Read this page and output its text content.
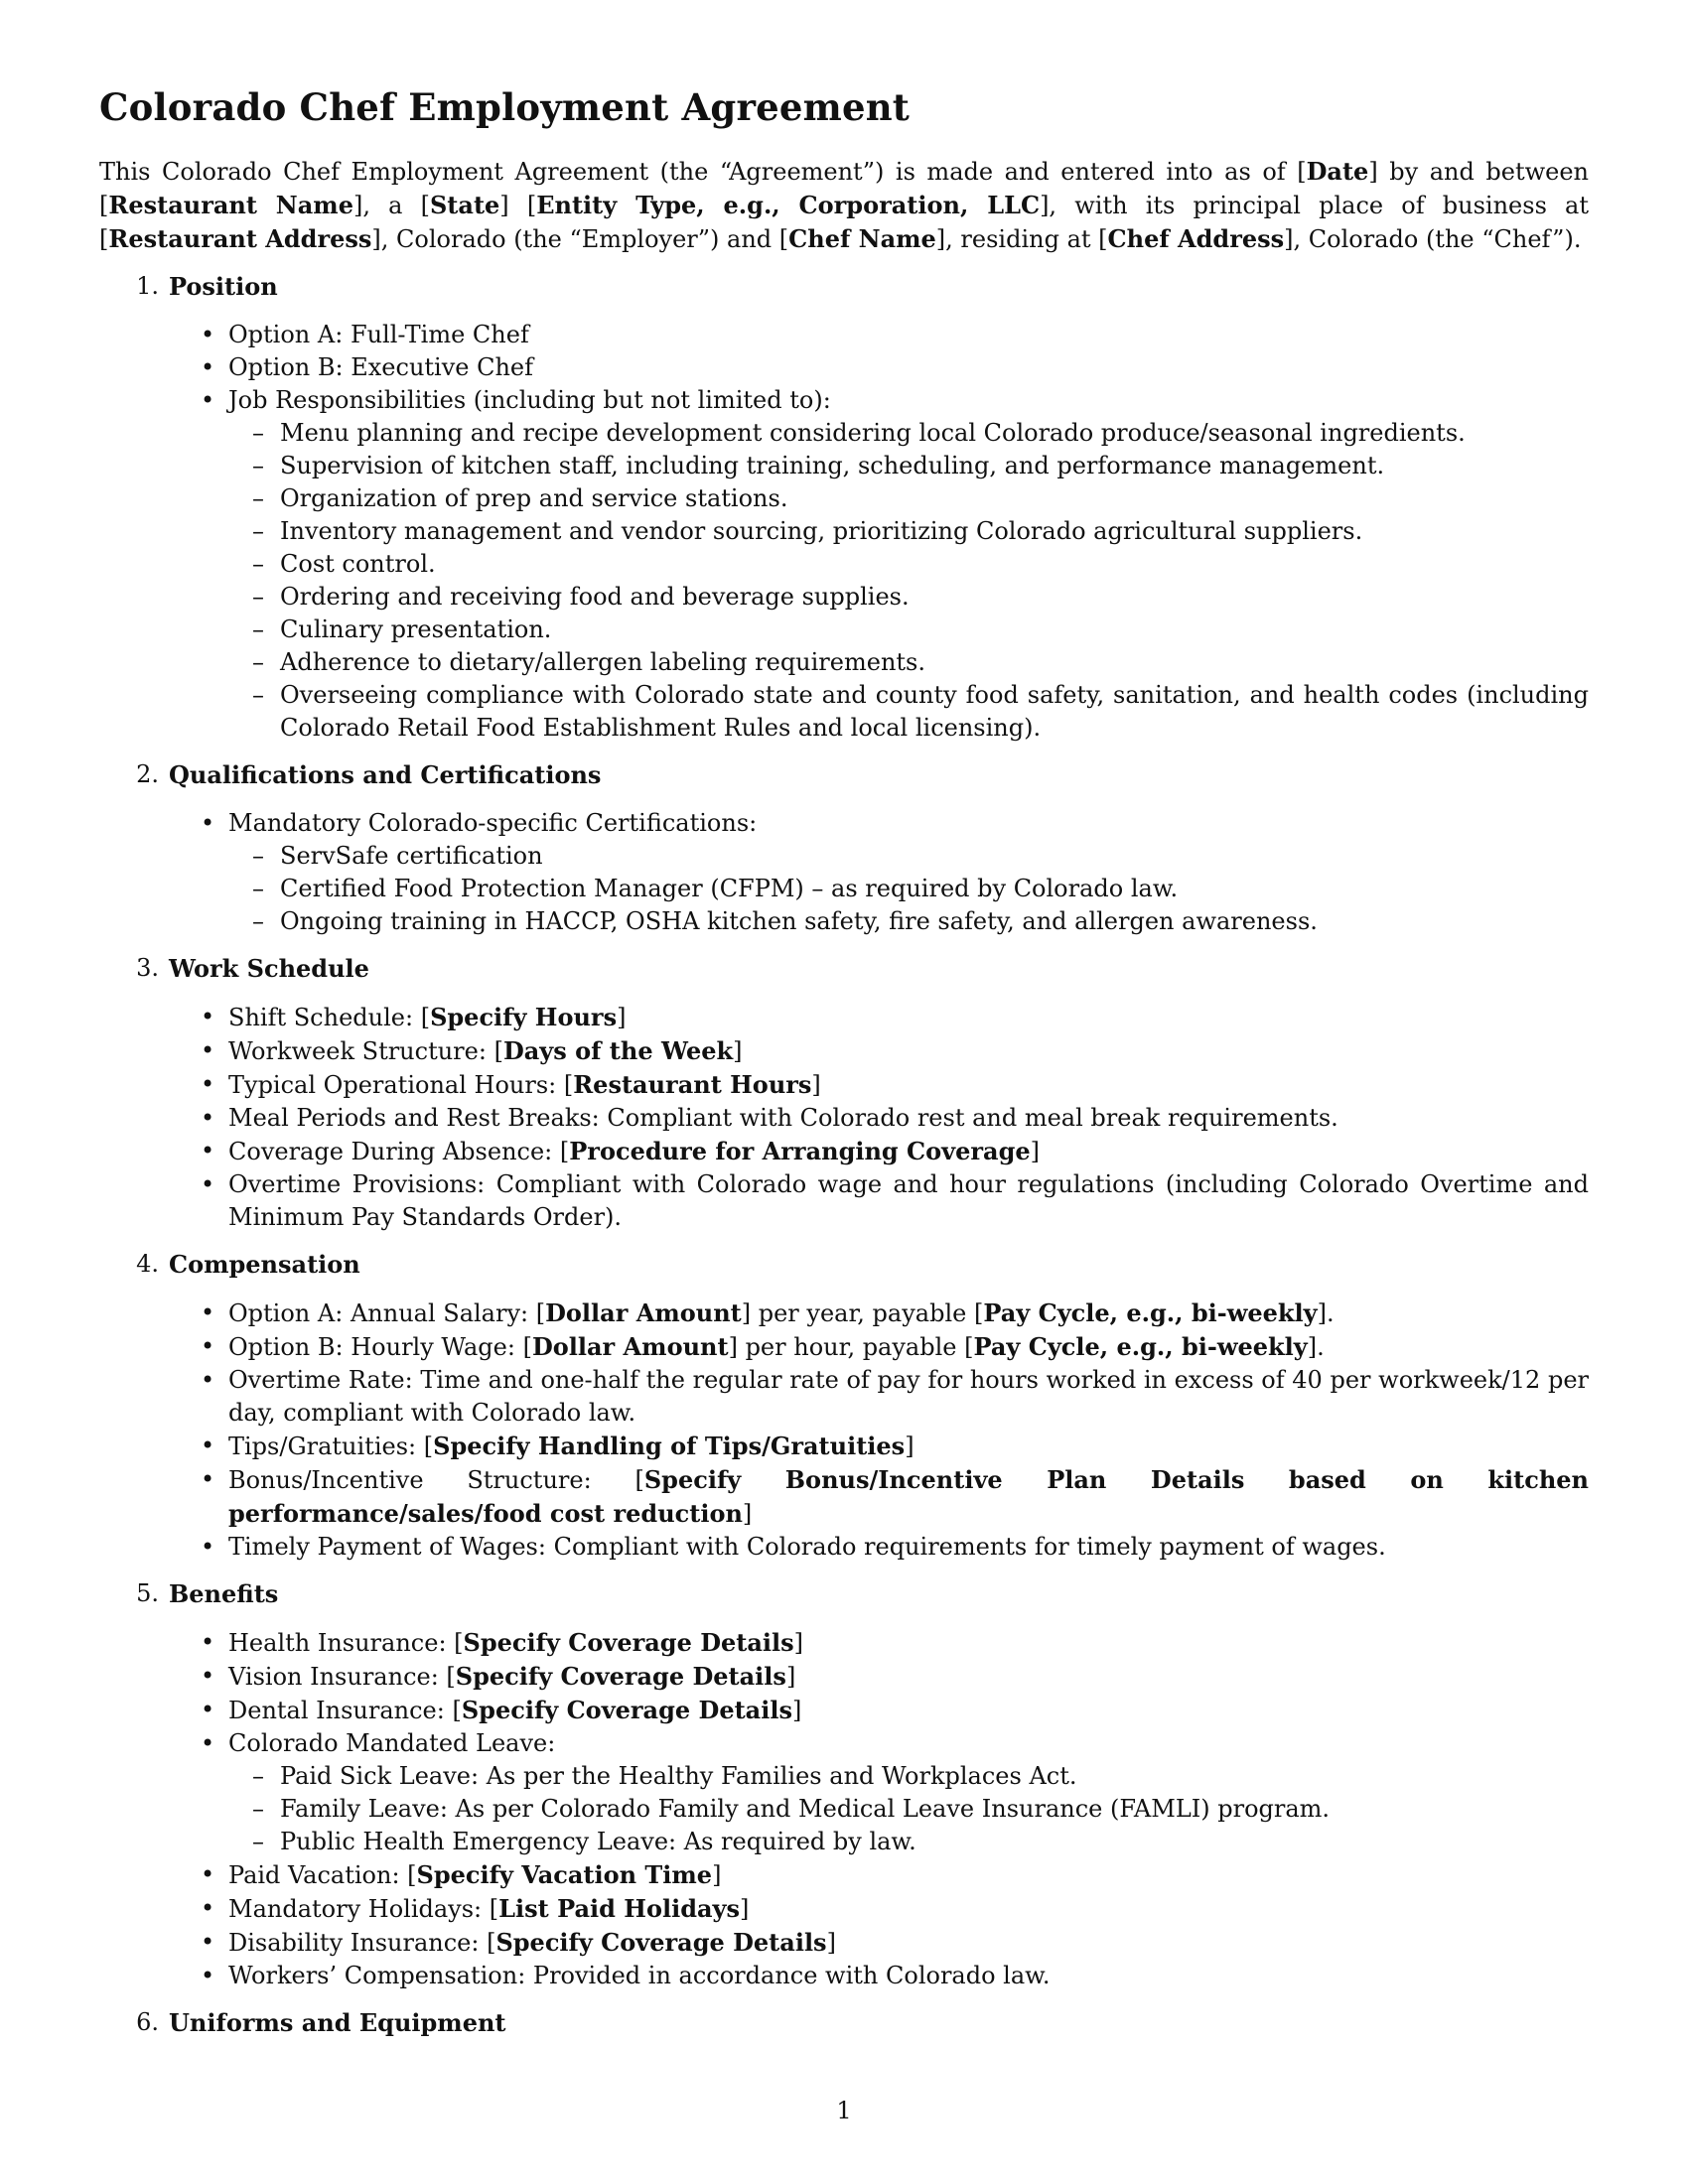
Colorado Chef Employment Agreement

This Colorado Chef Employment Agreement (the “Agreement”) is made and entered into as of [Date] by and between [Restaurant Name], a [State] [Entity Type, e.g., Corporation, LLC], with its principal place of business at [Restaurant Address], Colorado (the “Employer”) and [Chef Name], residing at [Chef Address], Colorado (the “Chef”).

1. Position
• Option A: Full-Time Chef
• Option B: Executive Chef
• Job Responsibilities (including but not limited to):
– Menu planning and recipe development considering local Colorado produce/seasonal ingredients.
– Supervision of kitchen staff, including training, scheduling, and performance management.
– Organization of prep and service stations.
– Inventory management and vendor sourcing, prioritizing Colorado agricultural suppliers.
– Cost control.
– Ordering and receiving food and beverage supplies.
– Culinary presentation.
– Adherence to dietary/allergen labeling requirements.
– Overseeing compliance with Colorado state and county food safety, sanitation, and health codes (including Colorado Retail Food Establishment Rules and local licensing).
2. Qualifications and Certifications
• Mandatory Colorado-specific Certifications:
– ServSafe certification
– Certified Food Protection Manager (CFPM) – as required by Colorado law.
– Ongoing training in HACCP, OSHA kitchen safety, fire safety, and allergen awareness.
3. Work Schedule
• Shift Schedule: [Specify Hours]
• Workweek Structure: [Days of the Week]
• Typical Operational Hours: [Restaurant Hours]
• Meal Periods and Rest Breaks: Compliant with Colorado rest and meal break requirements.
• Coverage During Absence: [Procedure for Arranging Coverage]
• Overtime Provisions: Compliant with Colorado wage and hour regulations (including Colorado Overtime and Minimum Pay Standards Order).
4. Compensation
• Option A: Annual Salary: [Dollar Amount] per year, payable [Pay Cycle, e.g., bi-weekly].
• Option B: Hourly Wage: [Dollar Amount] per hour, payable [Pay Cycle, e.g., bi-weekly].
• Overtime Rate: Time and one-half the regular rate of pay for hours worked in excess of 40 per workweek/12 per day, compliant with Colorado law.
• Tips/Gratuities: [Specify Handling of Tips/Gratuities]
• Bonus/Incentive Structure: [Specify Bonus/Incentive Plan Details based on kitchen performance/sales/food cost reduction]
• Timely Payment of Wages: Compliant with Colorado requirements for timely payment of wages.
5. Benefits
• Health Insurance: [Specify Coverage Details]
• Vision Insurance: [Specify Coverage Details]
• Dental Insurance: [Specify Coverage Details]
• Colorado Mandated Leave:
– Paid Sick Leave: As per the Healthy Families and Workplaces Act.
– Family Leave: As per Colorado Family and Medical Leave Insurance (FAMLI) program.
– Public Health Emergency Leave: As required by law.
• Paid Vacation: [Specify Vacation Time]
• Mandatory Holidays: [List Paid Holidays]
• Disability Insurance: [Specify Coverage Details]
• Workers’ Compensation: Provided in accordance with Colorado law.
6. Uniforms and Equipment
1
